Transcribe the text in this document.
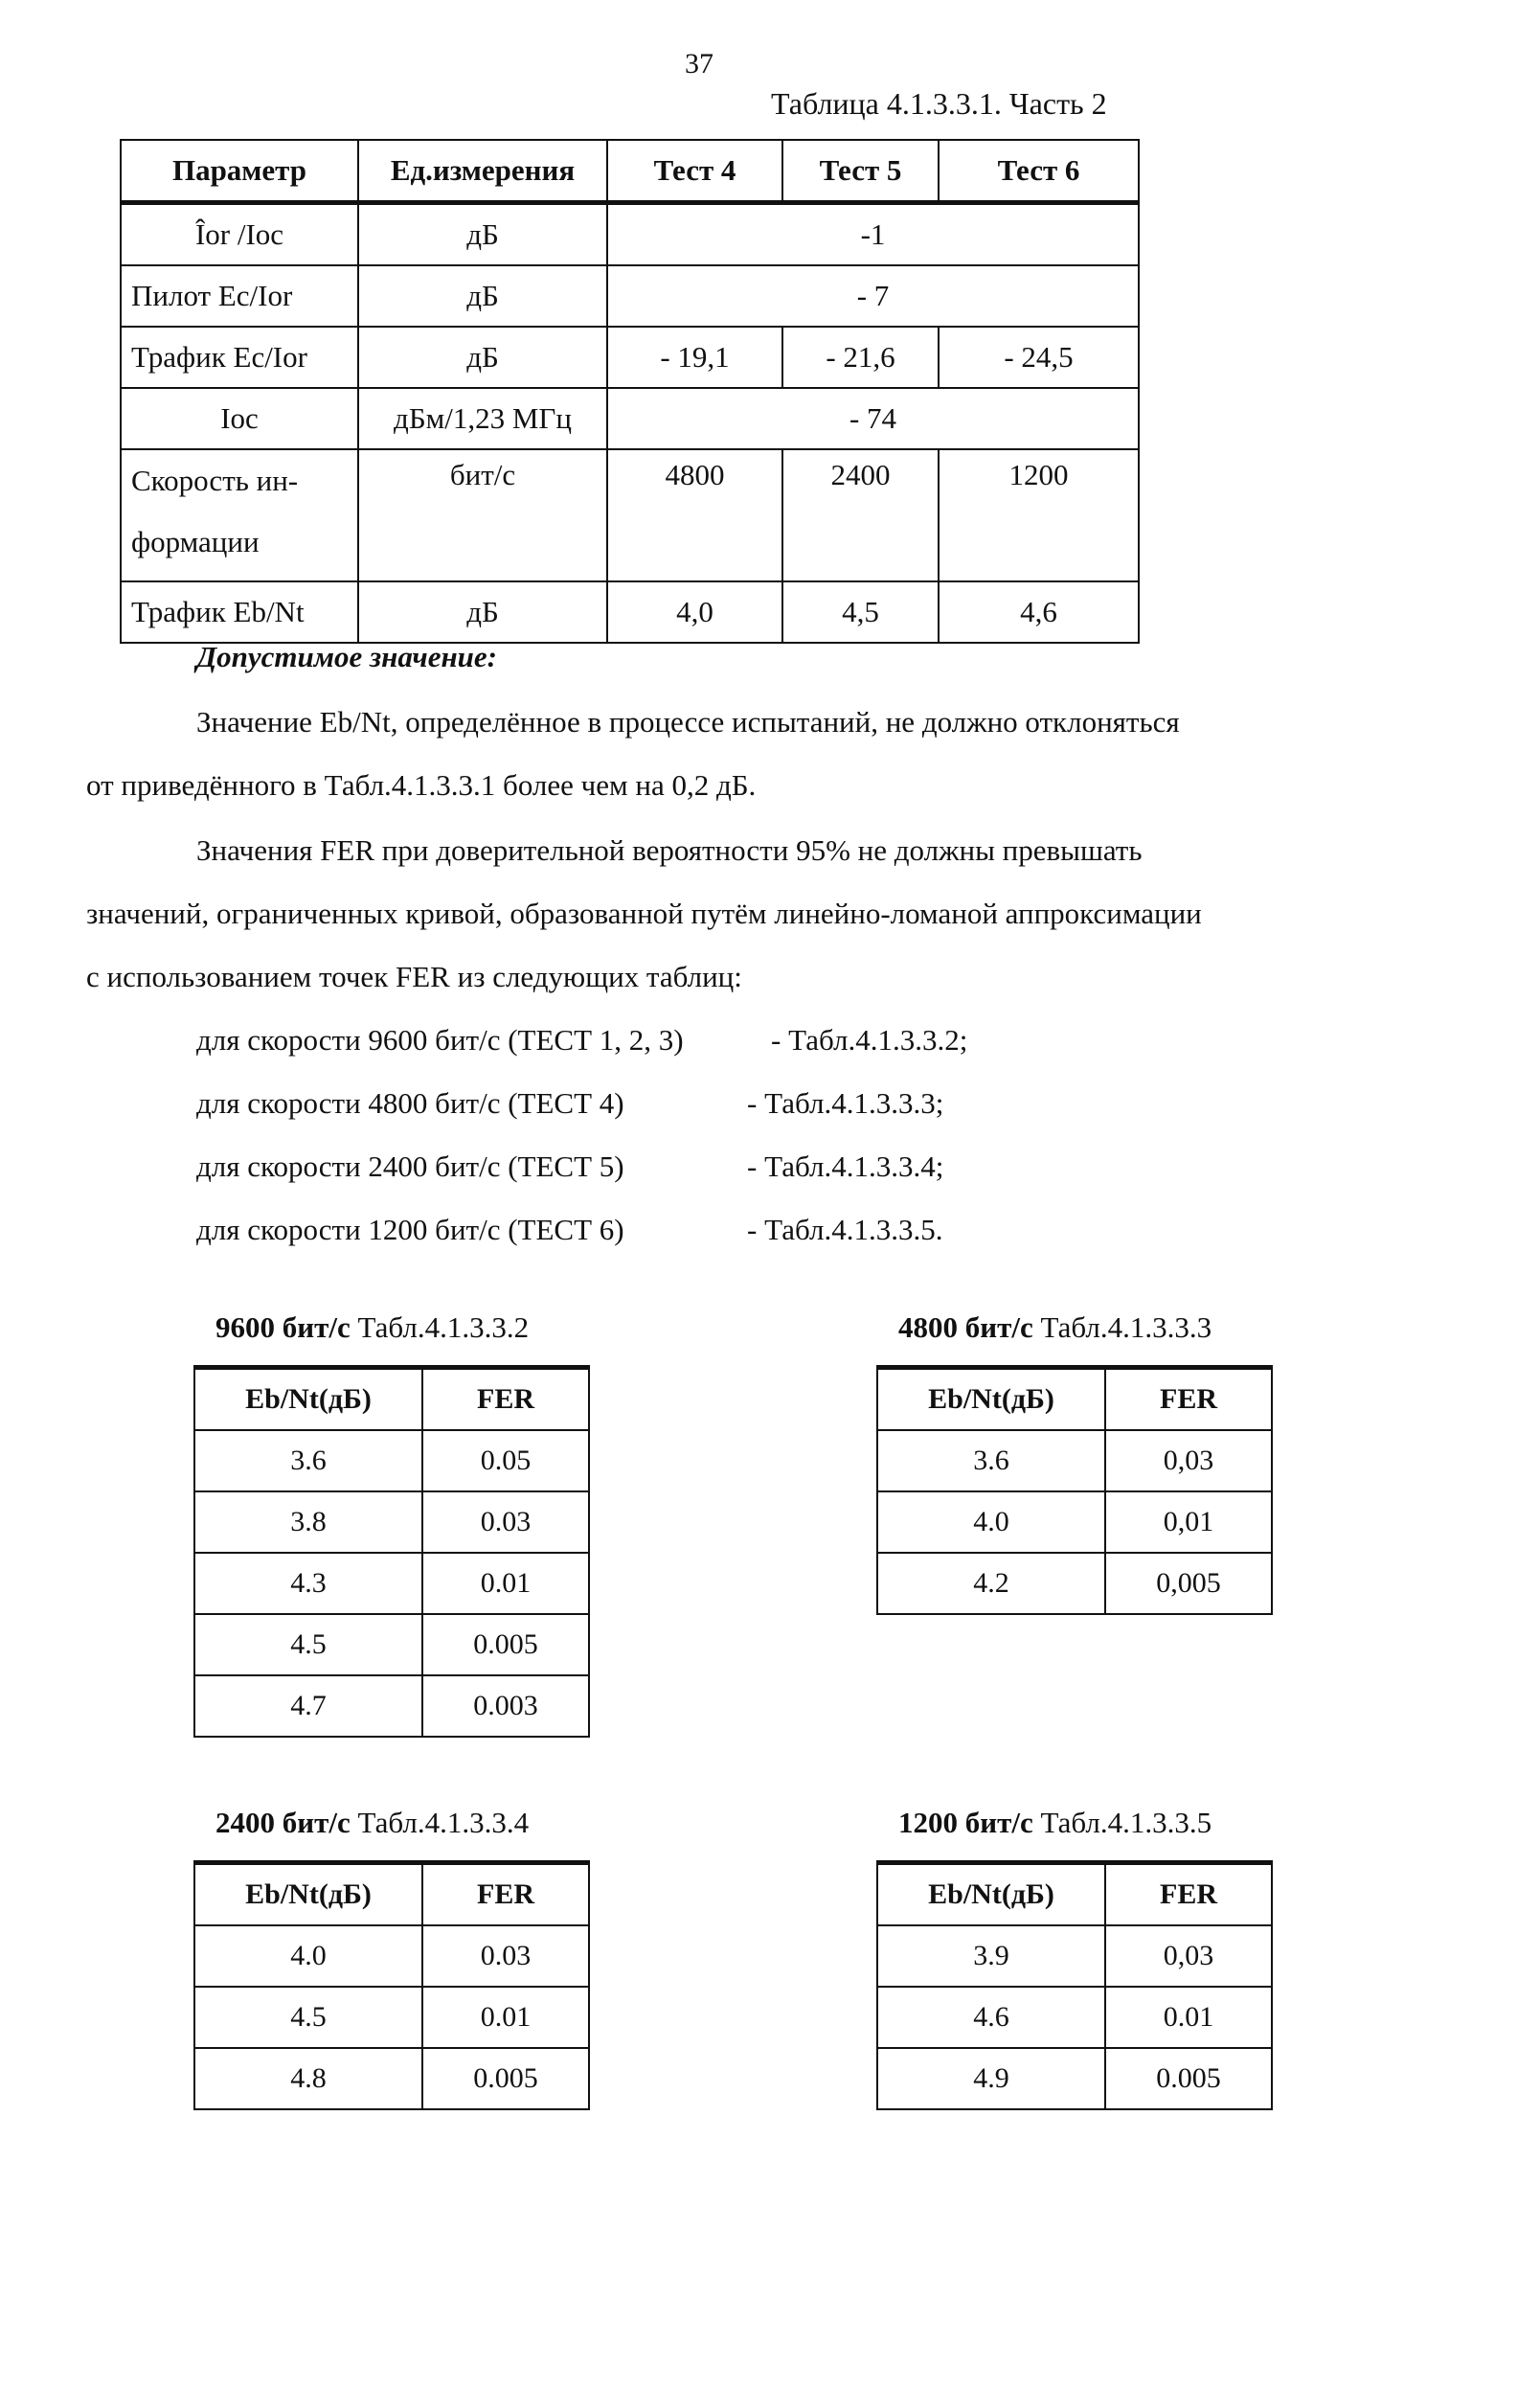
37
Таблица 4.1.3.3.1. Часть 2
Параметр	Ед.измерения	Тест 4	Тест 5	Тест 6
Îor /Ioc	дБ	-1		
Пилот Ec/Ior	дБ	- 7		
Трафик Ec/Ior	дБ	- 19,1	- 21,6	- 24,5
Ioc	дБм/1,23 МГц	- 74		
Скорость ин-
формации	бит/с	4800	2400	1200
Трафик Eb/Nt	дБ	4,0	4,5	4,6
Допустимое значение:
Значение Eb/Nt, определённое в процессе испытаний, не должно отклоняться
от приведённого в Табл.4.1.3.3.1 более чем на 0,2 дБ.
Значения FER при доверительной вероятности 95% не должны превышать
значений, ограниченных кривой, образованной путём линейно-ломаной аппроксимации
с использованием точек FER из следующих таблиц:
для скорости 9600 бит/с (ТЕСТ 1, 2, 3)	- Табл.4.1.3.3.2;
для скорости 4800 бит/с (ТЕСТ 4)	- Табл.4.1.3.3.3;
для скорости 2400 бит/с (ТЕСТ 5)	- Табл.4.1.3.3.4;
для скорости 1200 бит/с (ТЕСТ 6)	- Табл.4.1.3.3.5.
9600 бит/с Табл.4.1.3.3.2
Eb/Nt(дБ)	FER
3.6	0.05
3.8	0.03
4.3	0.01
4.5	0.005
4.7	0.003
4800 бит/с Табл.4.1.3.3.3
Eb/Nt(дБ)	FER
3.6	0,03
4.0	0,01
4.2	0,005
2400 бит/с Табл.4.1.3.3.4
Eb/Nt(дБ)	FER
4.0	0.03
4.5	0.01
4.8	0.005
1200 бит/с Табл.4.1.3.3.5
Eb/Nt(дБ)	FER
3.9	0,03
4.6	0.01
4.9	0.005
